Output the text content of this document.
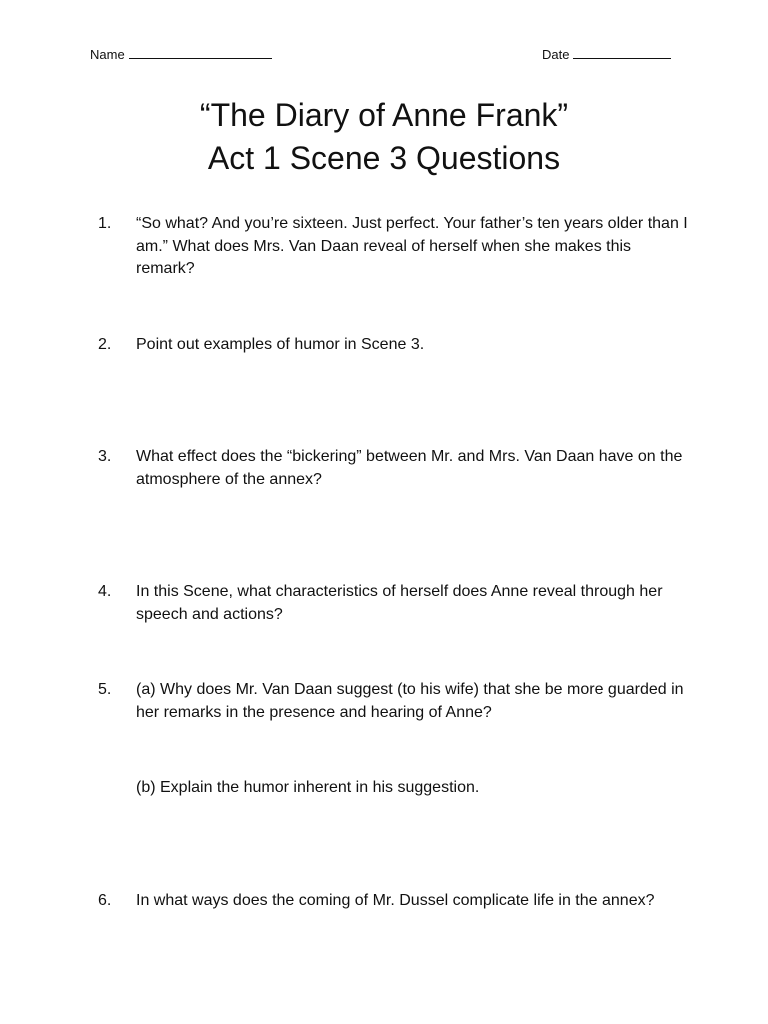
Name	Date
“The Diary of Anne Frank”
Act 1 Scene 3 Questions
1. “So what? And you’re sixteen. Just perfect. Your father’s ten years older than I am.” What does Mrs. Van Daan reveal of herself when she makes this remark?
2. Point out examples of humor in Scene 3.
3. What effect does the “bickering” between Mr. and Mrs. Van Daan have on the atmosphere of the annex?
4. In this Scene, what characteristics of herself does Anne reveal through her speech and actions?
5. (a) Why does Mr. Van Daan suggest (to his wife) that she be more guarded in her remarks in the presence and hearing of Anne?
(b) Explain the humor inherent in his suggestion.
6. In what ways does the coming of Mr. Dussel complicate life in the annex?
